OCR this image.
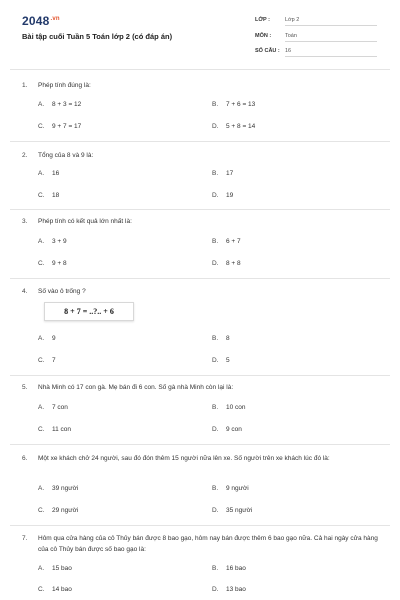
$2048^{.vn}$
Bài tập cuối Tuần 5 Toán lớp 2 (có đáp án)
LỚP :	Lớp 2
MÔN :	Toán
SỐ CÂU : 16
1. Phép tính đúng là:
A. 8 + 3 = 12	B. 7 + 6 = 13
C. 9 + 7 = 17	D. 5 + 8 = 14
2. Tổng của 8 và 9 là:
A. 16	B. 17
C. 18	D. 19
3. Phép tính có kết quả lớn nhất là:
A. 3 + 9	B. 6 + 7
C. 9 + 8	D. 8 + 8
4. Số vào ô trống ?
8 + 7 = ..?.. + 6
A. 9	B. 8
C. 7	D. 5
5. Nhà Minh có 17 con gà. Mẹ bán đi 6 con. Số gà nhà Minh còn lại là:
A. 7 con	B. 10 con
C. 11 con	D. 9 con
6. Một xe khách chở 24 người, sau đó đón thêm 15 người nữa lên xe. Số người trên xe khách lúc đó là:
A. 39 người	B. 9 người
C. 29 người	D. 35 người
7. Hôm qua cửa hàng của cô Thủy bán được 8 bao gạo, hôm nay bán được thêm 6 bao gạo nữa. Cả hai ngày cửa hàng của cô Thủy bán được số bao gạo là:
A. 15 bao	B. 16 bao
C. 14 bao	D. 13 bao
